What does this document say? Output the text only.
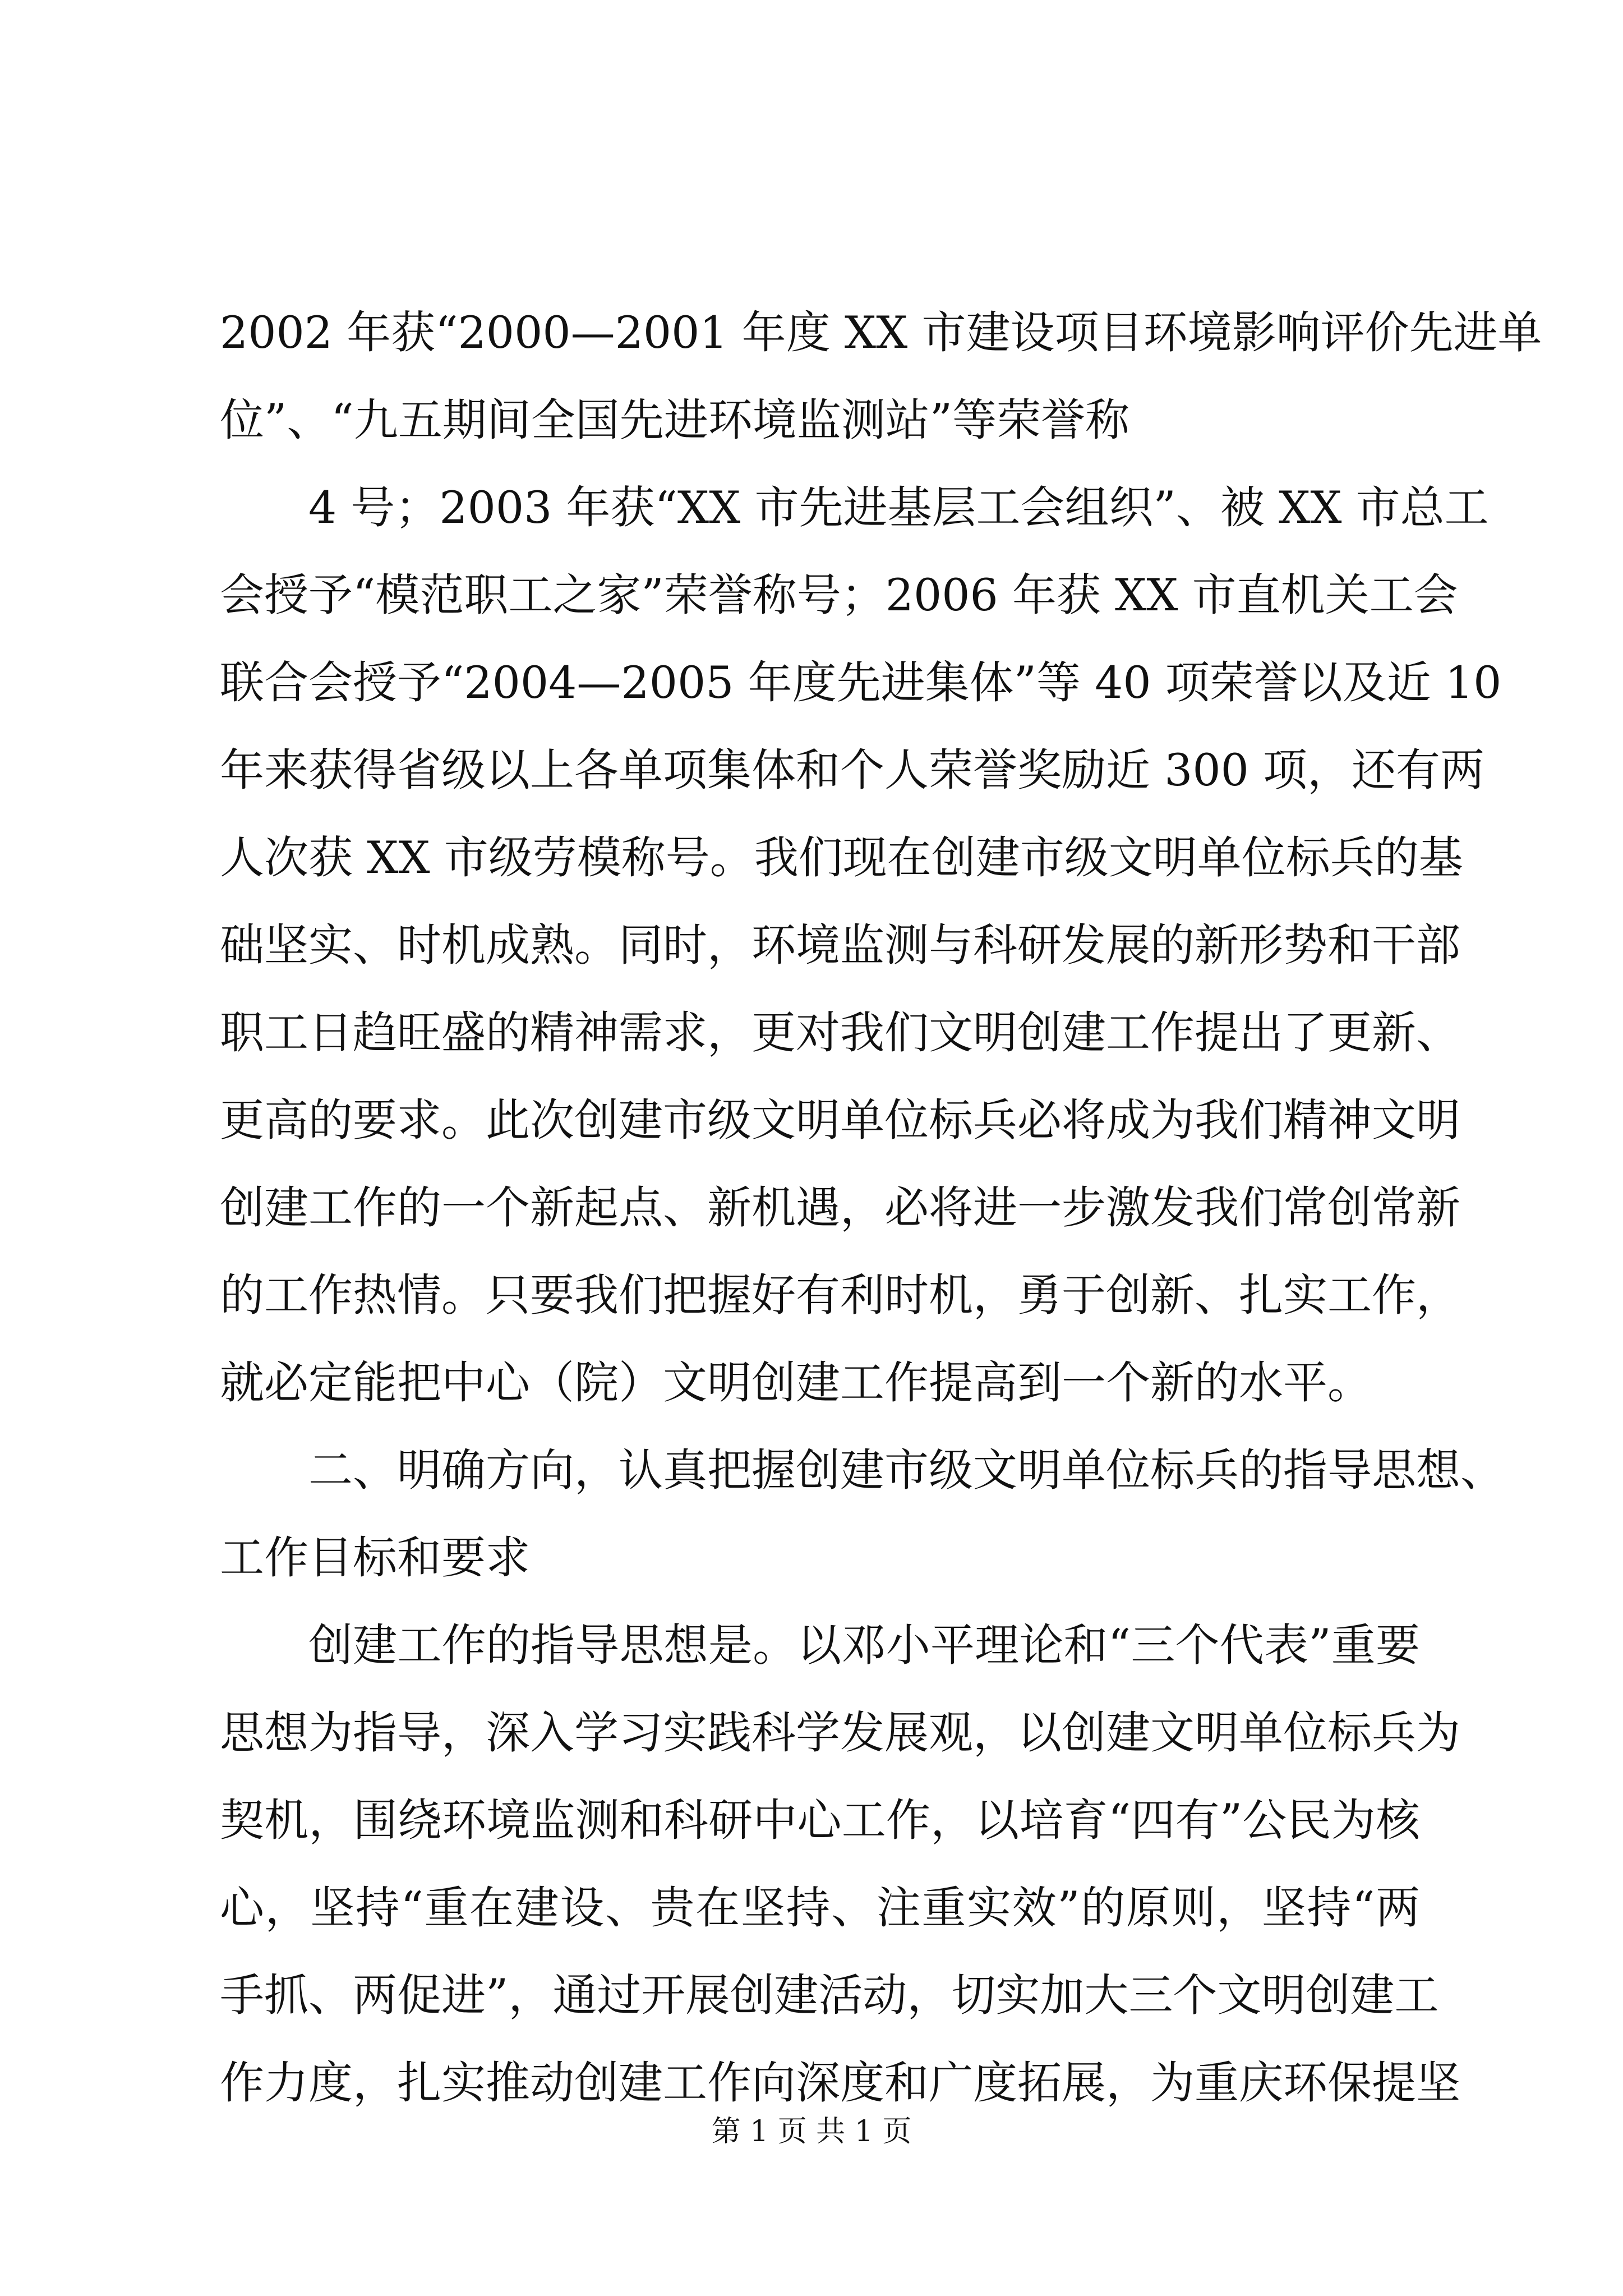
2002 年获“2000—2001 年度 XX 市建设项目环境影响评价先进单
位”、“九五期间全国先进环境监测站”等荣誉称
4 号；2003 年获“XX 市先进基层工会组织”、被 XX 市总工
会授予“模范职工之家”荣誉称号；2006 年获 XX 市直机关工会
联合会授予“2004—2005 年度先进集体”等 40 项荣誉以及近 10
年来获得省级以上各单项集体和个人荣誉奖励近 300 项，还有两
人次获 XX 市级劳模称号。我们现在创建市级文明单位标兵的基
础坚实、时机成熟。同时，环境监测与科研发展的新形势和干部
职工日趋旺盛的精神需求，更对我们文明创建工作提出了更新、
更高的要求。此次创建市级文明单位标兵必将成为我们精神文明
创建工作的一个新起点、新机遇，必将进一步激发我们常创常新
的工作热情。只要我们把握好有利时机，勇于创新、扎实工作，
就必定能把中心（院）文明创建工作提高到一个新的水平。
二、明确方向，认真把握创建市级文明单位标兵的指导思想、
工作目标和要求
创建工作的指导思想是。以邓小平理论和“三个代表”重要
思想为指导，深入学习实践科学发展观，以创建文明单位标兵为
契机，围绕环境监测和科研中心工作，以培育“四有”公民为核
心，坚持“重在建设、贵在坚持、注重实效”的原则，坚持“两
手抓、两促进”，通过开展创建活动，切实加大三个文明创建工
作力度，扎实推动创建工作向深度和广度拓展，为重庆环保提坚
第 1 页 共 1 页
